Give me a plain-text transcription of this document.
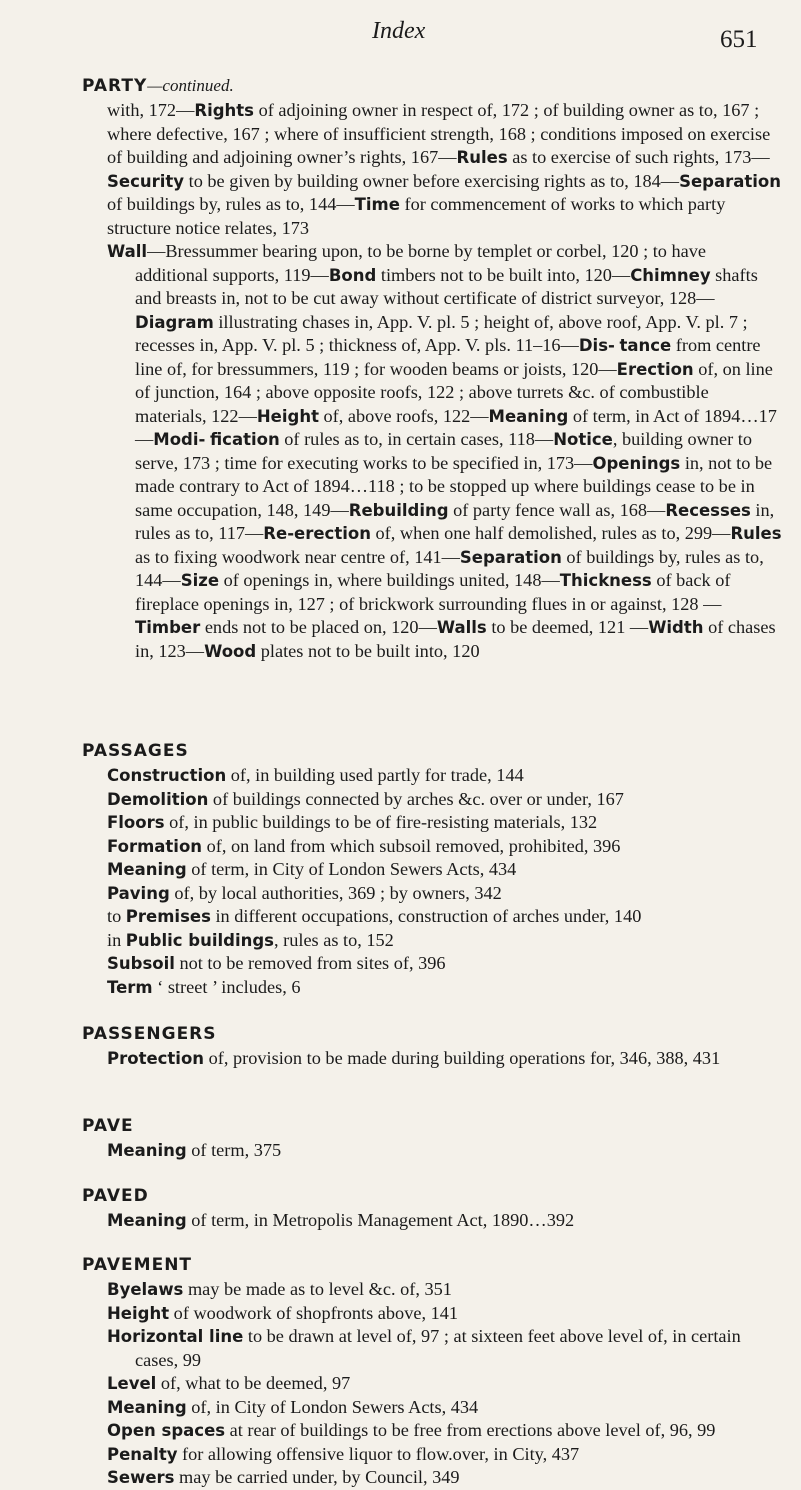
Index	651
PARTY—continued.

with, 172—Rights of adjoining owner in respect of, 172 ; of building owner as to, 167 ; where defective, 167 ; where of insufficient strength, 168 ; conditions imposed on exercise of building and adjoining owner’s rights, 167—Rules as to exercise of such rights, 173—Security to be given by building owner before exercising rights as to, 184—Separation of buildings by, rules as to, 144—Time for commencement of works to which party structure notice relates, 173

Wall—Bressummer bearing upon, to be borne by templet or corbel, 120 ; to have additional supports, 119—Bond timbers not to be built into, 120—Chimney shafts and breasts in, not to be cut away without certificate of district surveyor, 128—Diagram illustrating chases in, App. V. pl. 5 ; height of, above roof, App. V. pl. 7 ; recesses in, App. V. pl. 5 ; thickness of, App. V. pls. 11–16—Dis- tance from centre line of, for bressummers, 119 ; for wooden beams or joists, 120—Erection of, on line of junction, 164 ; above opposite roofs, 122 ; above turrets &c. of combustible materials, 122—Height of, above roofs, 122—Meaning of term, in Act of 1894…17—Modi- fication of rules as to, in certain cases, 118—Notice, building owner to serve, 173 ; time for executing works to be specified in, 173—Openings in, not to be made contrary to Act of 1894…118 ; to be stopped up where buildings cease to be in same occupation, 148, 149—Rebuilding of party fence wall as, 168—Recesses in, rules as to, 117—Re-erection of, when one half demolished, rules as to, 299—Rules as to fixing woodwork near centre of, 141—Separation of buildings by, rules as to, 144—Size of openings in, where buildings united, 148—Thickness of back of fireplace openings in, 127 ; of brickwork surrounding flues in or against, 128 —Timber ends not to be placed on, 120—Walls to be deemed, 121 —Width of chases in, 123—Wood plates not to be built into, 120

PASSAGES

Construction of, in building used partly for trade, 144

Demolition of buildings connected by arches &c. over or under, 167

Floors of, in public buildings to be of fire-resisting materials, 132

Formation of, on land from which subsoil removed, prohibited, 396

Meaning of term, in City of London Sewers Acts, 434

Paving of, by local authorities, 369 ; by owners, 342

to Premises in different occupations, construction of arches under, 140

in Public buildings, rules as to, 152

Subsoil not to be removed from sites of, 396

Term ‘ street ’ includes, 6

PASSENGERS

Protection of, provision to be made during building operations for, 346, 388, 431

PAVE

Meaning of term, 375

PAVED

Meaning of term, in Metropolis Management Act, 1890…392

PAVEMENT

Byelaws may be made as to level &c. of, 351

Height of woodwork of shopfronts above, 141

Horizontal line to be drawn at level of, 97 ; at sixteen feet above level of, in certain cases, 99

Level of, what to be deemed, 97

Meaning of, in City of London Sewers Acts, 434

Open spaces at rear of buildings to be free from erections above level of, 96, 99

Penalty for allowing offensive liquor to flow.over, in City, 437

Sewers may be carried under, by Council, 349
